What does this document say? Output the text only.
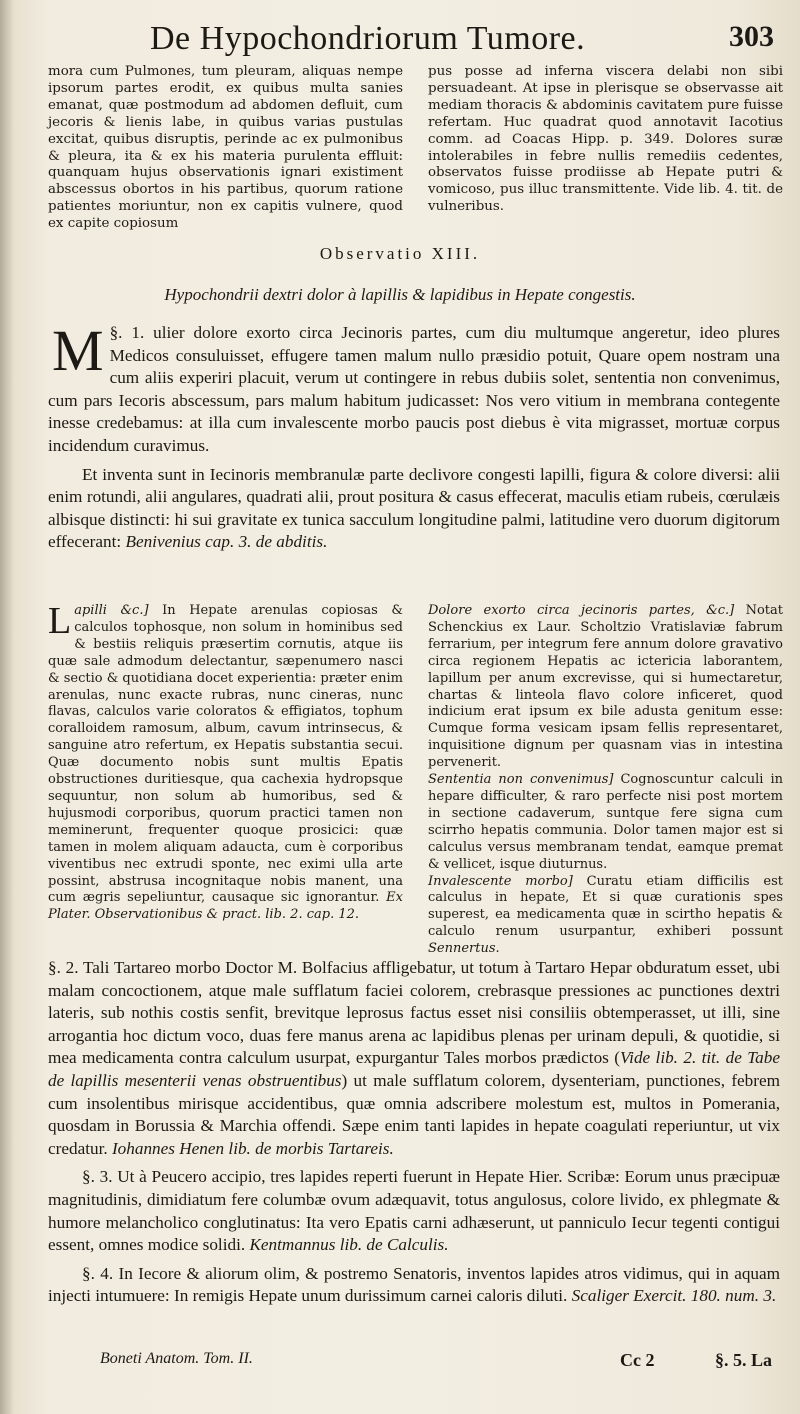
De Hypochondriorum Tumore.	303

mora cum Pulmones, tum pleuram, aliquas nempe ipsorum partes erodit, ex quibus multa sanies emanat, quæ postmodum ad abdomen defluit, cum jecoris & lienis labe, in quibus varias pustulas excitat, quibus disruptis, perinde ac ex pulmonibus & pleura, ita & ex his materia purulenta effluit: quanquam hujus observationis ignari existiment abscessus obortos in his partibus, quorum ratione patientes moriuntur, non ex capitis vulnere, quod ex capite copiosum

pus posse ad inferna viscera delabi non sibi persuadeant. At ipse in plerisque se observasse ait mediam thoracis & abdominis cavitatem pure fuisse refertam. Huc quadrat quod annotavit Iacotius comm. ad Coacas Hipp. p. 349. Dolores suræ intolerabiles in febre nullis remediis cedentes, observatos fuisse prodiisse ab Hepate putri & vomicoso, pus illuc transmittente. Vide lib. 4. tit. de vulneribus.

Observatio XIII.
Hypochondrii dextri dolor à lapillis & lapidibus in Hepate congestis.

§. 1.
M	ulier dolore exorto circa Jecinoris partes, cum diu multumque angeretur, ideo plures Medicos consuluisset, effugere tamen malum nullo præsidio potuit, Quare opem nostram una cum aliis experiri placuit, verum ut contingere in rebus dubiis solet, sententia non convenimus, cum pars Iecoris abscessum, pars malum habitum judicasset: Nos vero vitium in membrana contegente inesse credebamus: at illa cum invalescente morbo paucis post diebus è vita migrasset, mortuæ corpus incidendum curavimus.

Et inventa sunt in Iecinoris membranulæ parte declivore congesti lapilli, figura & colore diversi: alii enim rotundi, alii angulares, quadrati alii, prout positura & casus effecerat, maculis etiam rubeis, cœrulæis albisque distincti: hi sui gravitate ex tunica sacculum longitudine palmi, latitudine vero duorum digitorum effecerant: Benivenius cap. 3. de abditis.

L apilli &c.] In Hepate arenulas copiosas & calculos tophosque, non solum in hominibus sed & bestiis reliquis præsertim cornutis, atque iis quæ sale admodum delectantur, sæpenumero nasci & sectio & quotidiana docet experientia: præter enim arenulas, nunc exacte rubras, nunc cineras, nunc flavas, calculos varie coloratos & effigiatos, tophum coralloidem ramosum, album, cavum intrinsecus, & sanguine atro refertum, ex Hepatis substantia secui. Quæ documento nobis sunt multis Epatis obstructiones duritiesque, qua cachexia hydropsque sequuntur, non solum ab humoribus, sed & hujusmodi corporibus, quorum practici tamen non meminerunt, frequenter quoque prosicici: quæ tamen in molem aliquam adaucta, cum è corporibus viventibus nec extrudi sponte, nec eximi ulla arte possint, abstrusa incognitaque nobis manent, una cum ægris sepeliuntur, causaque sic ignorantur. Ex Plater. Observationibus & pract. lib. 2. cap. 12.

Dolore exorto circa jecinoris partes, &c.] Notat Schenckius ex Laur. Scholtzio Vratislaviæ fabrum ferrarium, per integrum fere annum dolore gravativo circa regionem Hepatis ac ictericia laborantem, lapillum per anum excrevisse, qui si humectaretur, chartas & linteola flavo colore inficeret, quod indicium erat ipsum ex bile adusta genitum esse: Cumque forma vesicam ipsam fellis representaret, inquisitione dignum per quasnam vias in intestina pervenerit.

Sententia non convenimus] Cognoscuntur calculi in hepare difficulter, & raro perfecte nisi post mortem in sectione cadaverum, suntque fere signa cum scirrho hepatis communia. Dolor tamen major est si calculus versus membranam tendat, eamque premat & vellicet, isque diuturnus.

Invalescente morbo] Curatu etiam difficilis est calculus in hepate, Et si quæ curationis spes superest, ea medicamenta quæ in scirtho hepatis & calculo renum usurpantur, exhiberi possunt Sennertus.

§. 2. Tali Tartareo morbo Doctor M. Bolfacius affligebatur, ut totum à Tartaro Hepar obduratum esset, ubi malam concoctionem, atque male sufflatum faciei colorem, crebrasque pressiones ac punctiones dextri lateris, sub nothis costis senfit, brevitque leprosus factus esset nisi consiliis obtemperasset, ut illi, sine arrogantia hoc dictum voco, duas fere manus arena ac lapidibus plenas per urinam depuli, & quotidie, si mea medicamenta contra calculum usurpat, expurgantur Tales morbos prædictos (Vide lib. 2. tit. de Tabe de lapillis mesenterii venas obstruentibus) ut male sufflatum colorem, dysenteriam, punctiones, febrem cum insolentibus mirisque accidentibus, quæ omnia adscribere molestum est, multos in Pomerania, quosdam in Borussia & Marchia offendi. Sæpe enim tanti lapides in hepate coagulati reperiuntur, ut vix credatur. Iohannes Henen lib. de morbis Tartareis.

§. 3. Ut à Peucero accipio, tres lapides reperti fuerunt in Hepate Hier. Scribæ: Eorum unus præcipuæ magnitudinis, dimidiatum fere columbæ ovum adæquavit, totus angulosus, colore livido, ex phlegmate & humore melancholico conglutinatus: Ita vero Epatis carni adhæserunt, ut panniculo Iecur tegenti contigui essent, omnes modice solidi. Kentmannus lib. de Calculis.

§. 4. In Iecore & aliorum olim, & postremo Senatoris, inventos lapides atros vidimus, qui in aquam injecti intumuere: In remigis Hepate unum durissimum carnei caloris diluti. Scaliger Exercit. 180. num. 3.

Boneti Anatom. Tom. II.	Cc 2	§. 5. La
